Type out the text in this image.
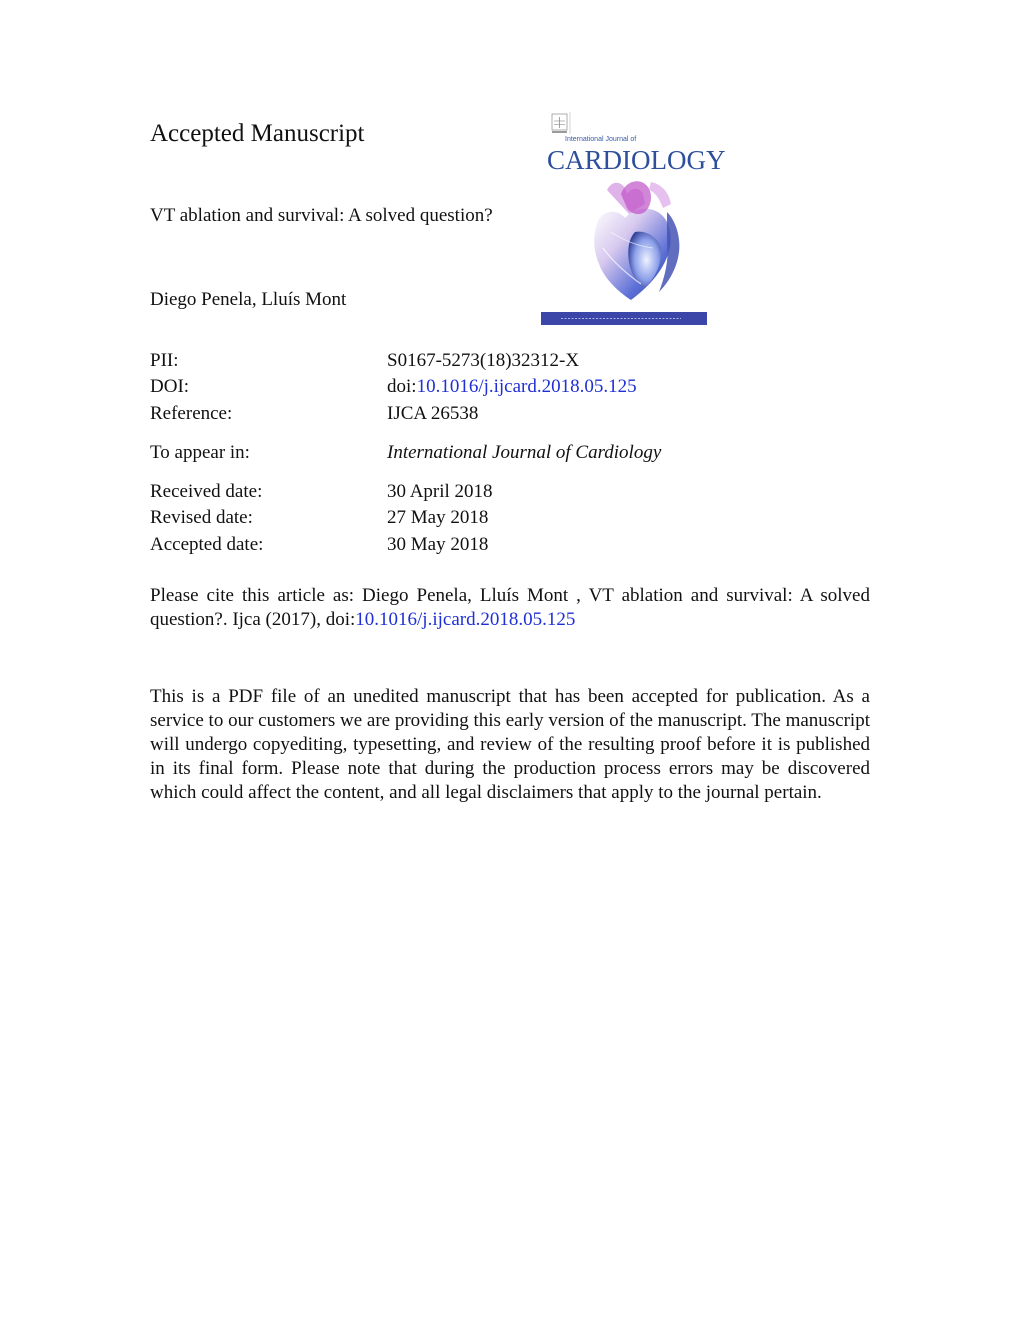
Accepted Manuscript
VT ablation and survival: A solved question?
Diego Penela, Lluís Mont
International Journal of
CARDIOLOGY
PII:	S0167-5273(18)32312-X
DOI:	doi:10.1016/j.ijcard.2018.05.125
Reference:	IJCA 26538
To appear in:	International Journal of Cardiology
Received date:	30 April 2018
Revised date:	27 May 2018
Accepted date:	30 May 2018
Please cite this article as: Diego Penela, Lluís Mont , VT ablation and survival: A solved question?. Ijca (2017), doi:10.1016/j.ijcard.2018.05.125
This is a PDF file of an unedited manuscript that has been accepted for publication. As a service to our customers we are providing this early version of the manuscript. The manuscript will undergo copyediting, typesetting, and review of the resulting proof before it is published in its final form. Please note that during the production process errors may be discovered which could affect the content, and all legal disclaimers that apply to the journal pertain.
